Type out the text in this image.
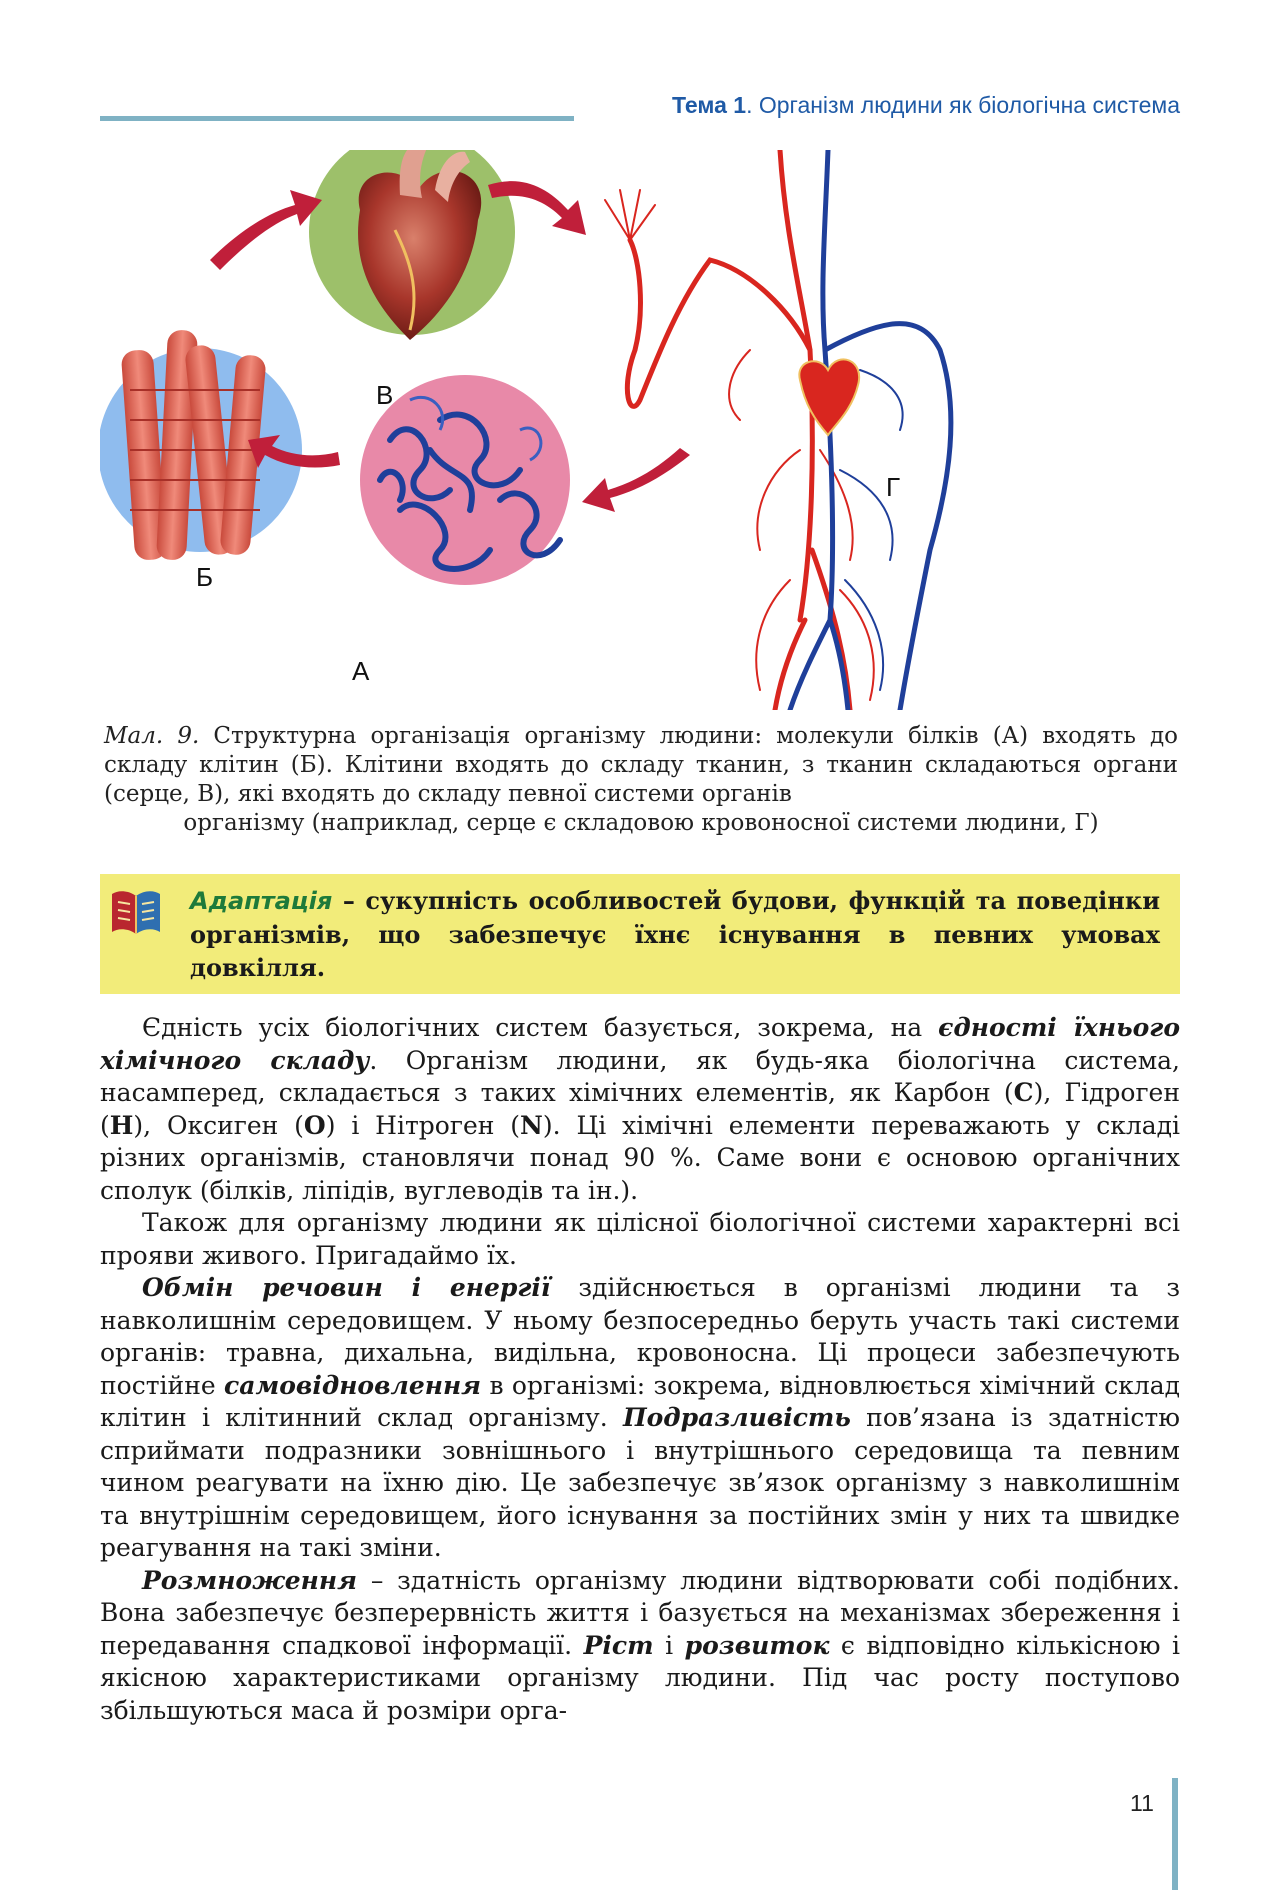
Тема 1. Організм людини як біологічна система
В
Б
А
Г
Мал. 9. Структурна організація організму людини: молекули білків (А) входять до складу клітин (Б). Клітини входять до складу тканин, з тканин складаються органи (серце, В), які входять до складу певної системи органів
організму (наприклад, серце є складовою кровоносної системи людини, Г)
Адаптація – сукупність особливостей будови, функцій та поведінки організмів, що забезпечує їхнє існування в певних умовах довкілля.

Єдність усіх біологічних систем базується, зокрема, на єдності їхнього хімічного складу. Організм людини, як будь-яка біологічна система, насамперед, складається з таких хімічних елементів, як Карбон (С), Гідроген (Н), Оксиген (О) і Нітроген (N). Ці хімічні елементи переважають у складі різних організмів, становлячи понад 90 %. Саме вони є основою органічних сполук (білків, ліпідів, вуглеводів та ін.).

Також для організму людини як цілісної біологічної системи характерні всі прояви живого. Пригадаймо їх.

Обмін речовин і енергії здійснюється в організмі людини та з навколишнім середовищем. У ньому безпосередньо беруть участь такі системи органів: травна, дихальна, видільна, кровоносна. Ці процеси забезпечують постійне самовідновлення в організмі: зокрема, відновлюється хімічний склад клітин і клітинний склад організму. Подразливість пов’язана із здатністю сприймати подразники зовнішнього і внутрішнього середовища та певним чином реагувати на їхню дію. Це забезпечує зв’язок організму з навколишнім та внутрішнім середовищем, його існування за постійних змін у них та швидке реагування на такі зміни.

Розмноження – здатність організму людини відтворювати собі подібних. Вона забезпечує безперервність життя і базується на механізмах збереження і передавання спадкової інформації. Ріст і розвиток є відповідно кількісною і якісною характеристиками організму людини. Під час росту поступово збільшуються маса й розміри орга-

11
